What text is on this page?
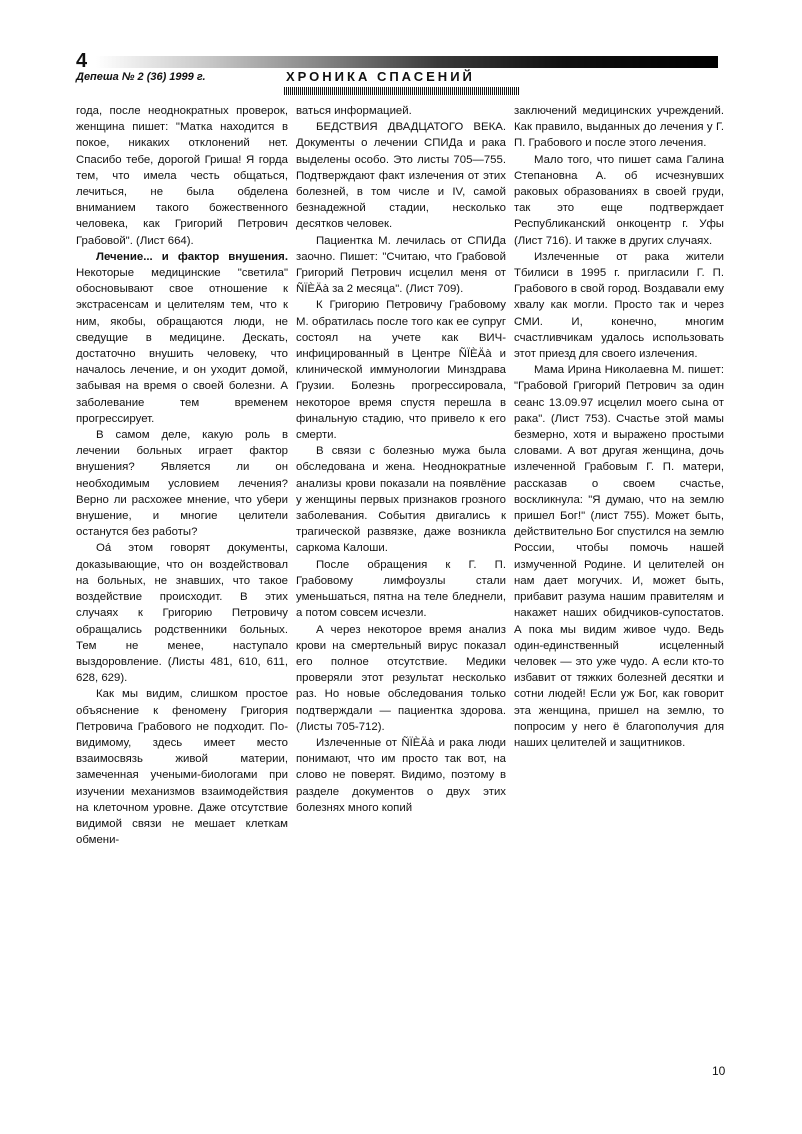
4
Депеша № 2 (36) 1999 г.	ХРОНИКА СПАСЕНИЙ

года, после неоднократных проверок, женщина пишет: "Матка находится в покое, никаких отклонений нет. Спасибо тебе, дорогой Гриша! Я горда тем, что имела честь общаться, лечиться, не была обделена вниманием такого божественного человека, как Григорий Петрович Грабовой". (Лист 664).

Лечение... и фактор внушения. Некоторые медицинские "светила" обосновывают свое отношение к экстрасенсам и целителям тем, что к ним, якобы, обращаются люди, не сведущие в медицине. Дескать, достаточно внушить человеку, что началось лечение, и он уходит домой, забывая на время о своей болезни. А заболевание тем временем прогрессирует.

В самом деле, какую роль в лечении больных играет фактор внушения? Является ли он необходимым условием лечения? Верно ли расхожее мнение, что убери внушение, и многие целители останутся без работы?

Оá этом говорят документы, доказывающие, что он воздействовал на больных, не знавших, что такое воздействие происходит. В этих случаях к Григорию Петровичу обращались родственники больных. Тем не менее, наступало выздоровление. (Листы 481, 610, 611, 628, 629).

Как мы видим, слишком простое объяснение к феномену Григория Петровича Грабового не подходит. По-видимому, здесь имеет место взаимосвязь живой материи, замеченная учеными-биологами при изучении механизмов взаимодействия на клеточном уровне. Даже отсутствие видимой связи не мешает клеткам обмени-

ваться информацией.

БЕДСТВИЯ ДВАДЦАТОГО ВЕКА. Документы о лечении СПИДа и рака выделены особо. Это листы 705—755. Подтверждают факт излечения от этих болезней, в том числе и IV, самой безнадежной стадии, несколько десятков человек.

Пациентка М. лечилась от СПИДа заочно. Пишет: "Считаю, что Грабовой Григорий Петрович исцелил меня от ÑÏÈÄà за 2 месяца". (Лист 709).

К Григорию Петровичу Грабовому М. обратилась после того как ее супруг состоял на учете как ВИЧ-инфицированный в Центре ÑÏÈÄà и клинической иммунологии Минздрава Грузии. Болезнь прогрессировала, некоторое время спустя перешла в финальную стадию, что привело к его смерти.

В связи с болезнью мужа была обследована и жена. Неоднократные анализы крови показали на появлёние у женщины первых признаков грозного заболевания. События двигались к трагической развязке, даже возникла саркома Калоши.

После обращения к Г. П. Грабовому лимфоузлы стали уменьшаться, пятна на теле бледнели, а потом совсем исчезли.

А через некоторое время анализ крови на смертельный вирус показал его полное отсутствие. Медики проверяли этот результат несколько раз. Но новые обследования только подтверждали — пациентка здорова. (Листы 705-712).

Излеченные от ÑÏÈÄà и рака люди понимают, что им просто так вот, на слово не поверят. Видимо, поэтому в разделе документов о двух этих болезнях много копий

заключений медицинских учреждений. Как правило, выданных до лечения у Г. П. Грабового и после этого лечения.

Мало того, что пишет сама Галина Степановна А. об исчезнувших раковых образованиях в своей груди, так это еще подтверждает Республиканский онкоцентр г. Уфы (Лист 716). И также в других случаях.

Излеченные от рака жители Тбилиси в 1995 г. пригласили Г. П. Грабового в свой город. Воздавали ему хвалу как могли. Просто так и через СМИ. И, конечно, многим счастливчикам удалось использовать этот приезд для своего излечения.

Мама Ирина Николаевна М. пишет: "Грабовой Григорий Петрович за один сеанс 13.09.97 исцелил моего сына от рака". (Лист 753). Счастье этой мамы безмерно, хотя и выражено простыми словами. А вот другая женщина, дочь излеченной Грабовым Г. П. матери, рассказав о своем счастье, воскликнула: "Я думаю, что на землю пришел Бог!" (лист 755). Может быть, действительно Бог спустился на землю России, чтобы помочь нашей измученной Родине. И целителей он нам дает могучих. И, может быть, прибавит разума нашим правителям и накажет наших обидчиков-супостатов. А пока мы видим живое чудо. Ведь один-единственный исцеленный человек — это уже чудо. А если кто-то избавит от тяжких болезней десятки и сотни людей! Если уж Бог, как говорит эта женщина, пришел на землю, то попросим у него ё благополучия для наших целителей и защитников.

10
